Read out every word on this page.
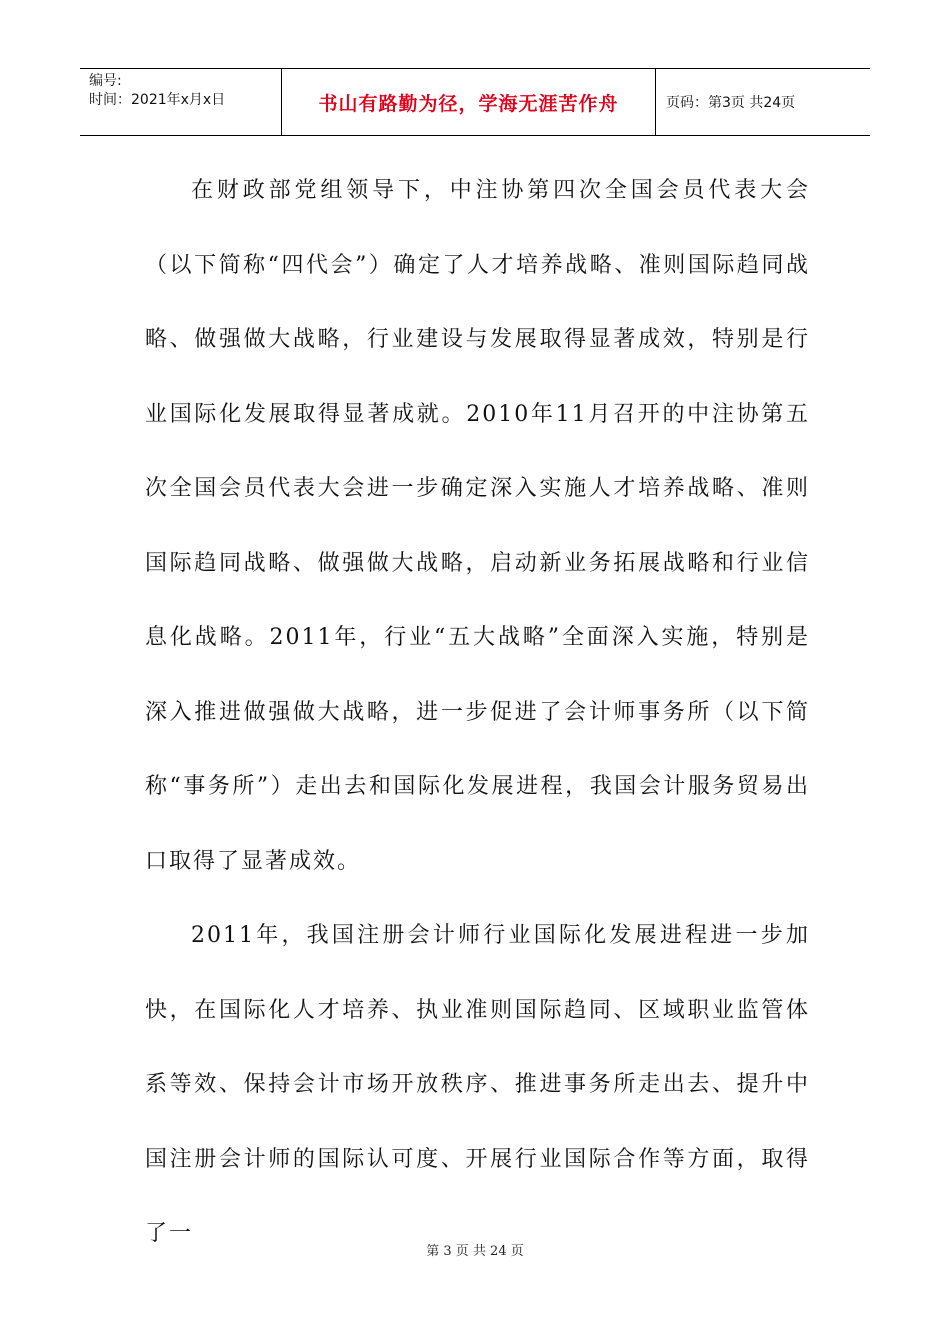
编号:
时间：2021年x月x日	书山有路勤为径，学海无涯苦作舟	页码：第3页 共24页

在财政部党组领导下，中注协第四次全国会员代表大会（以下简称“四代会”）确定了人才培养战略、准则国际趋同战略、做强做大战略，行业建设与发展取得显著成效，特别是行业国际化发展取得显著成就。2010年11月召开的中注协第五次全国会员代表大会进一步确定深入实施人才培养战略、准则国际趋同战略、做强做大战略，启动新业务拓展战略和行业信息化战略。2011年，行业“五大战略”全面深入实施，特别是深入推进做强做大战略，进一步促进了会计师事务所（以下简称“事务所”）走出去和国际化发展进程，我国会计服务贸易出口取得了显著成效。

2011年，我国注册会计师行业国际化发展进程进一步加快，在国际化人才培养、执业准则国际趋同、区域职业监管体系等效、保持会计市场开放秩序、推进事务所走出去、提升中国注册会计师的国际认可度、开展行业国际合作等方面，取得了一

第 3 页 共 24 页
